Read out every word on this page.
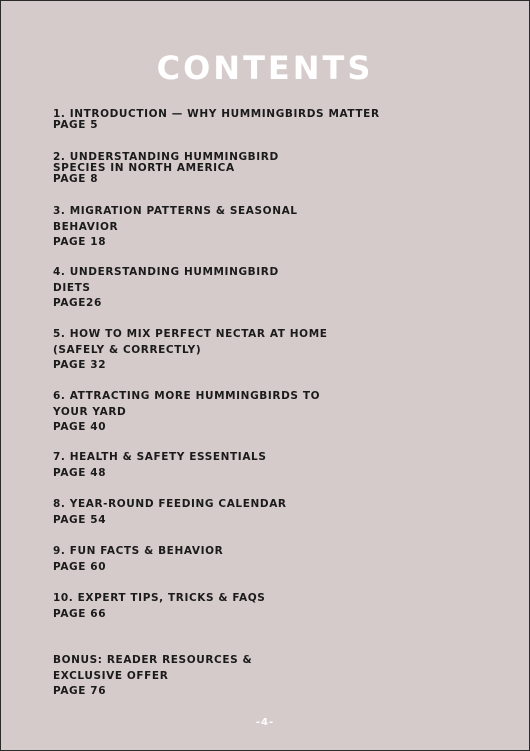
CONTENTS
1. INTRODUCTION — WHY HUMMINGBIRDS MATTER
PAGE 5
2. UNDERSTANDING HUMMINGBIRD
SPECIES IN NORTH AMERICA
PAGE 8
3. MIGRATION PATTERNS & SEASONAL
BEHAVIOR
PAGE 18
4. UNDERSTANDING HUMMINGBIRD
DIETS
PAGE26
5. HOW TO MIX PERFECT NECTAR AT HOME
(SAFELY & CORRECTLY)
PAGE 32
6. ATTRACTING MORE HUMMINGBIRDS TO
YOUR YARD
PAGE 40
7. HEALTH & SAFETY ESSENTIALS
PAGE 48
8. YEAR-ROUND FEEDING CALENDAR
PAGE 54
9. FUN FACTS & BEHAVIOR
PAGE 60
10. EXPERT TIPS, TRICKS & FAQS
PAGE 66
BONUS: READER RESOURCES &
EXCLUSIVE OFFER
PAGE 76
-4-
